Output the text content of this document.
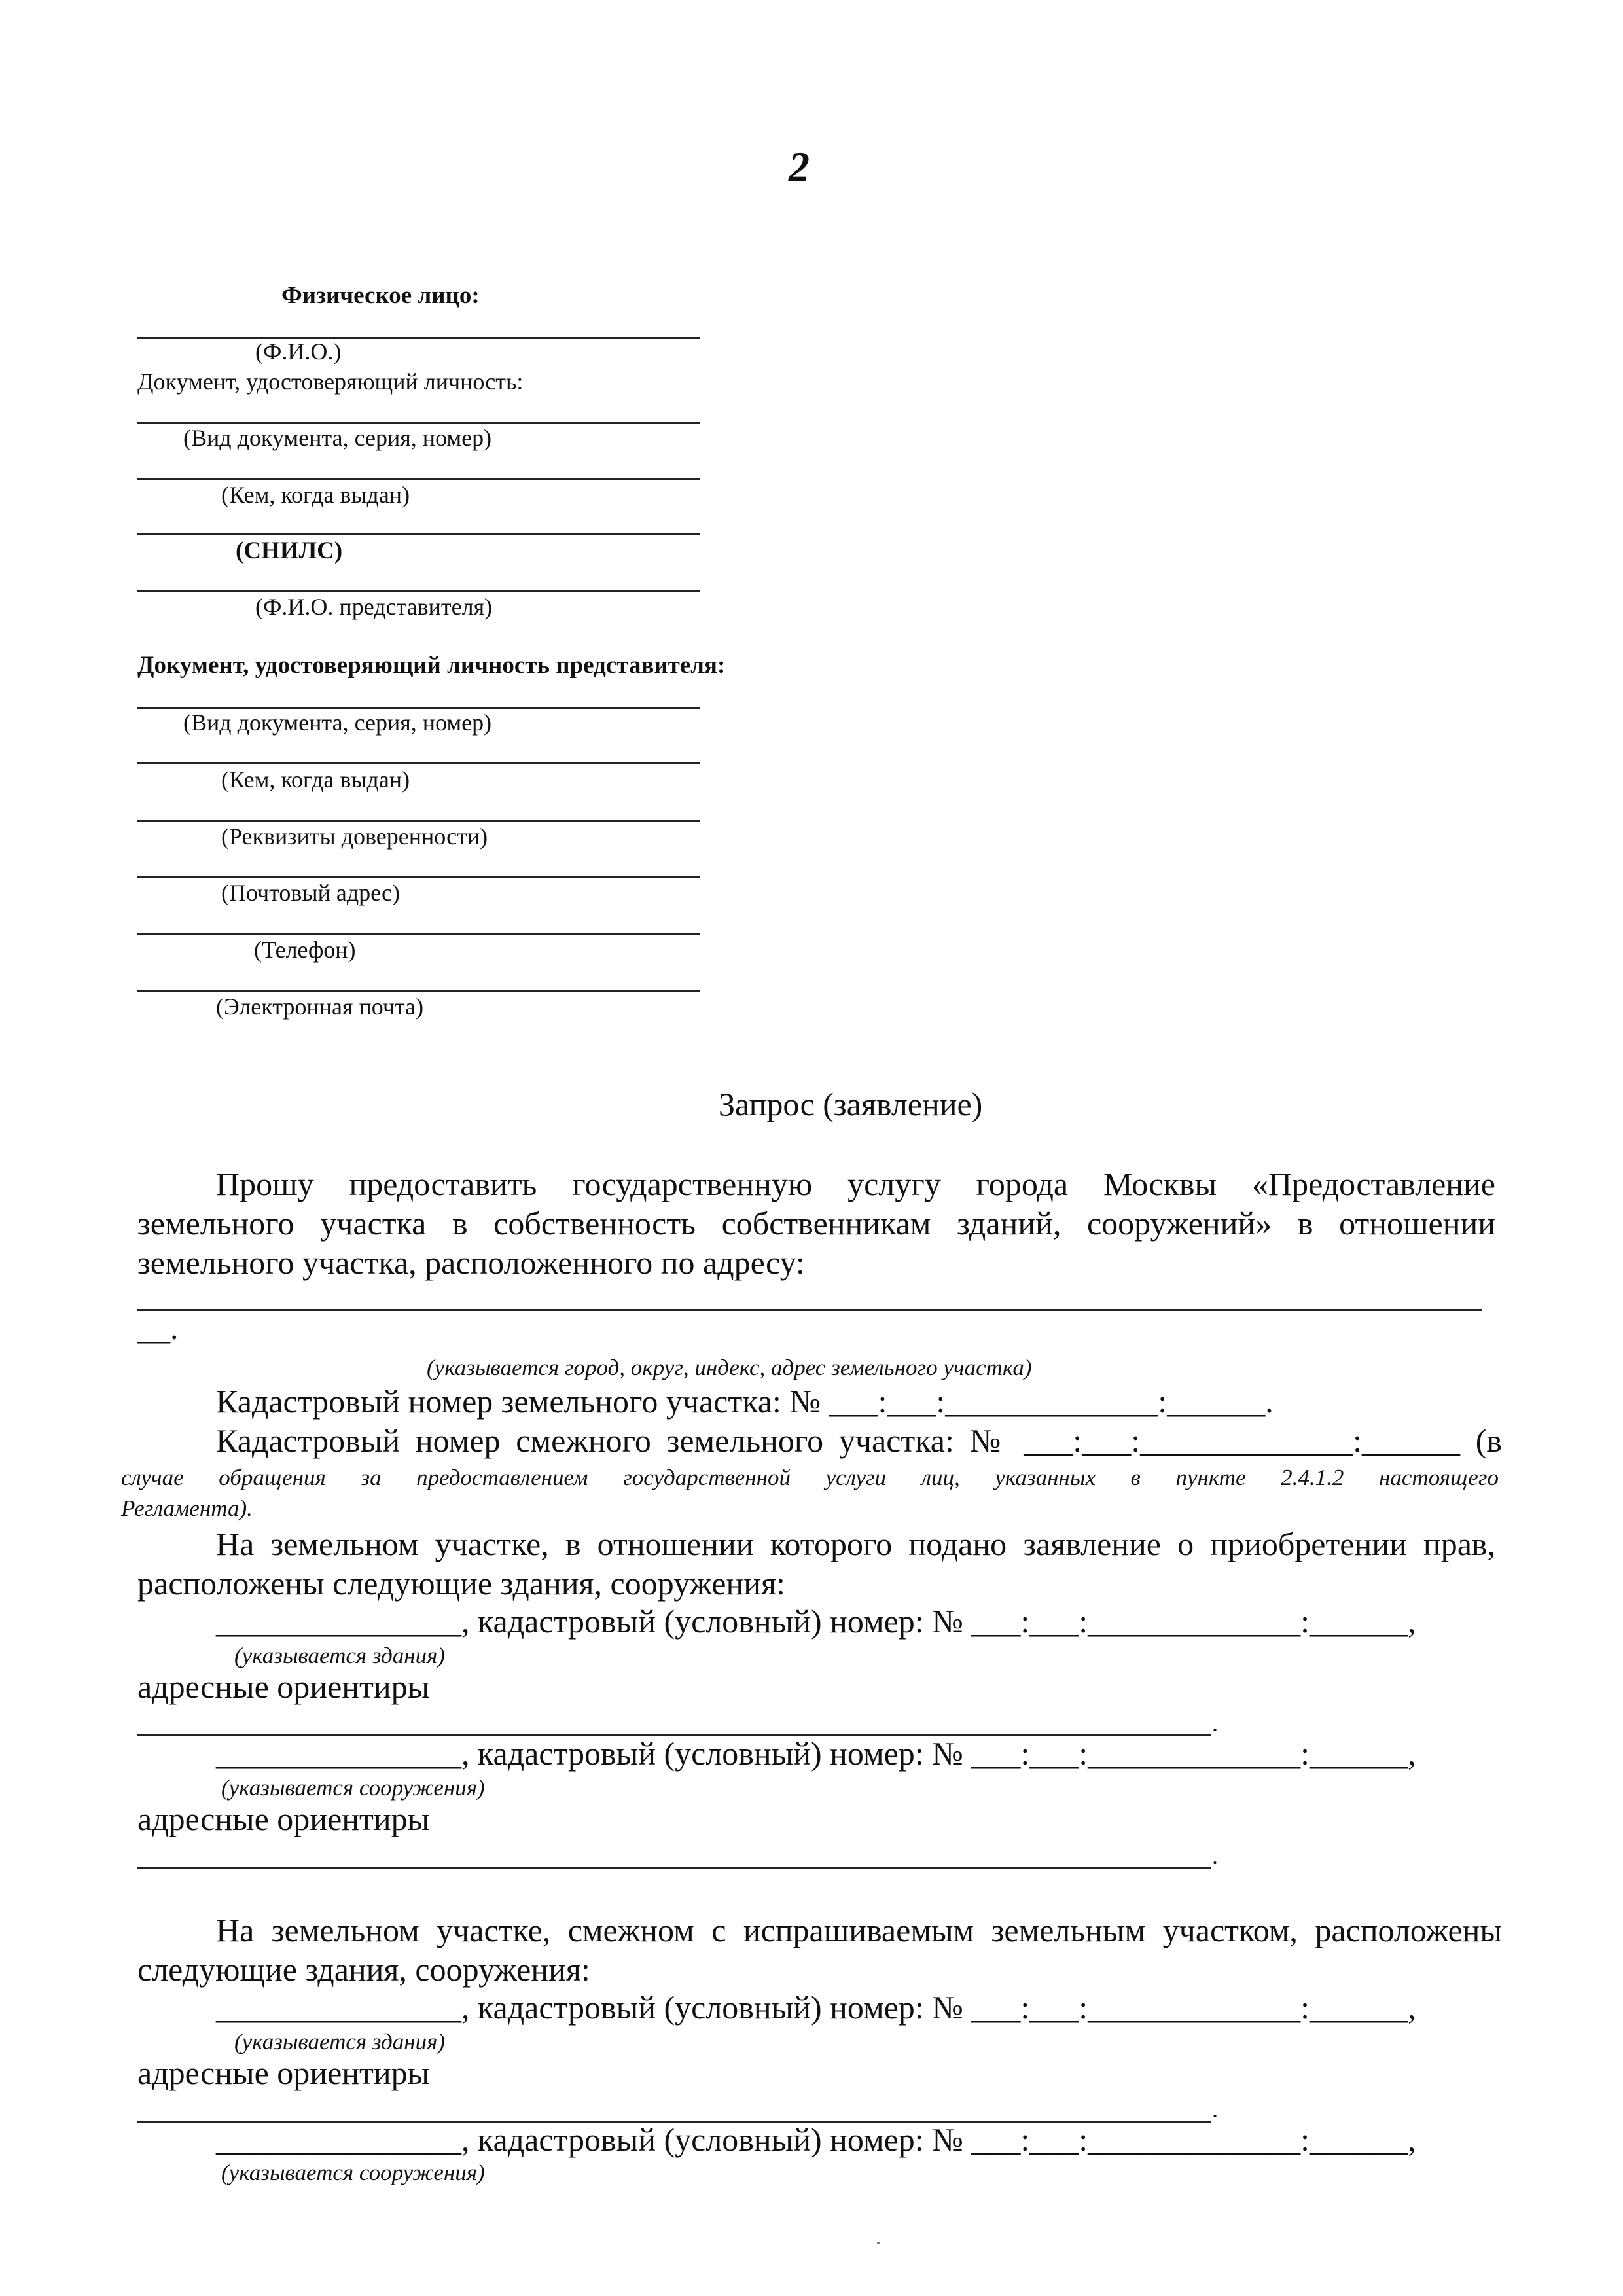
2
Физическое лицо:
(Ф.И.О.)
Документ, удостоверяющий личность:
(Вид документа, серия, номер)
(Кем, когда выдан)
(СНИЛС)
(Ф.И.О. представителя)
Документ, удостоверяющий личность представителя:
(Вид документа, серия, номер)
(Кем, когда выдан)
(Реквизиты доверенности)
(Почтовый адрес)
(Телефон)
(Электронная почта)
Запрос (заявление)
Прошу предоставить государственную услугу города Москвы «Предоставление
земельного участка в собственность собственникам зданий, сооружений» в отношении
земельного участка, расположенного по адресу:
__.
(указывается город, округ, индекс, адрес земельного участка)
Кадастровый номер земельного участка: № ___:___:_____________:______.
Кадастровый номер смежного земельного участка: № ___:___:_____________:______ (в
случае обращения за предоставлением государственной услуги лиц, указанных в пункте 2.4.1.2 настоящего
Регламента).
На земельном участке, в отношении которого подано заявление о приобретении прав,
расположены следующие здания, сооружения:
_______________, кадастровый (условный) номер: № ___:___:_____________:______,
(указывается здания)
адресные ориентиры
.
_______________, кадастровый (условный) номер: № ___:___:_____________:______,
(указывается сооружения)
адресные ориентиры
.
На земельном участке, смежном с испрашиваемым земельным участком, расположены
следующие здания, сооружения:
_______________, кадастровый (условный) номер: № ___:___:_____________:______,
(указывается здания)
адресные ориентиры
.
_______________, кадастровый (условный) номер: № ___:___:_____________:______,
(указывается сооружения)
